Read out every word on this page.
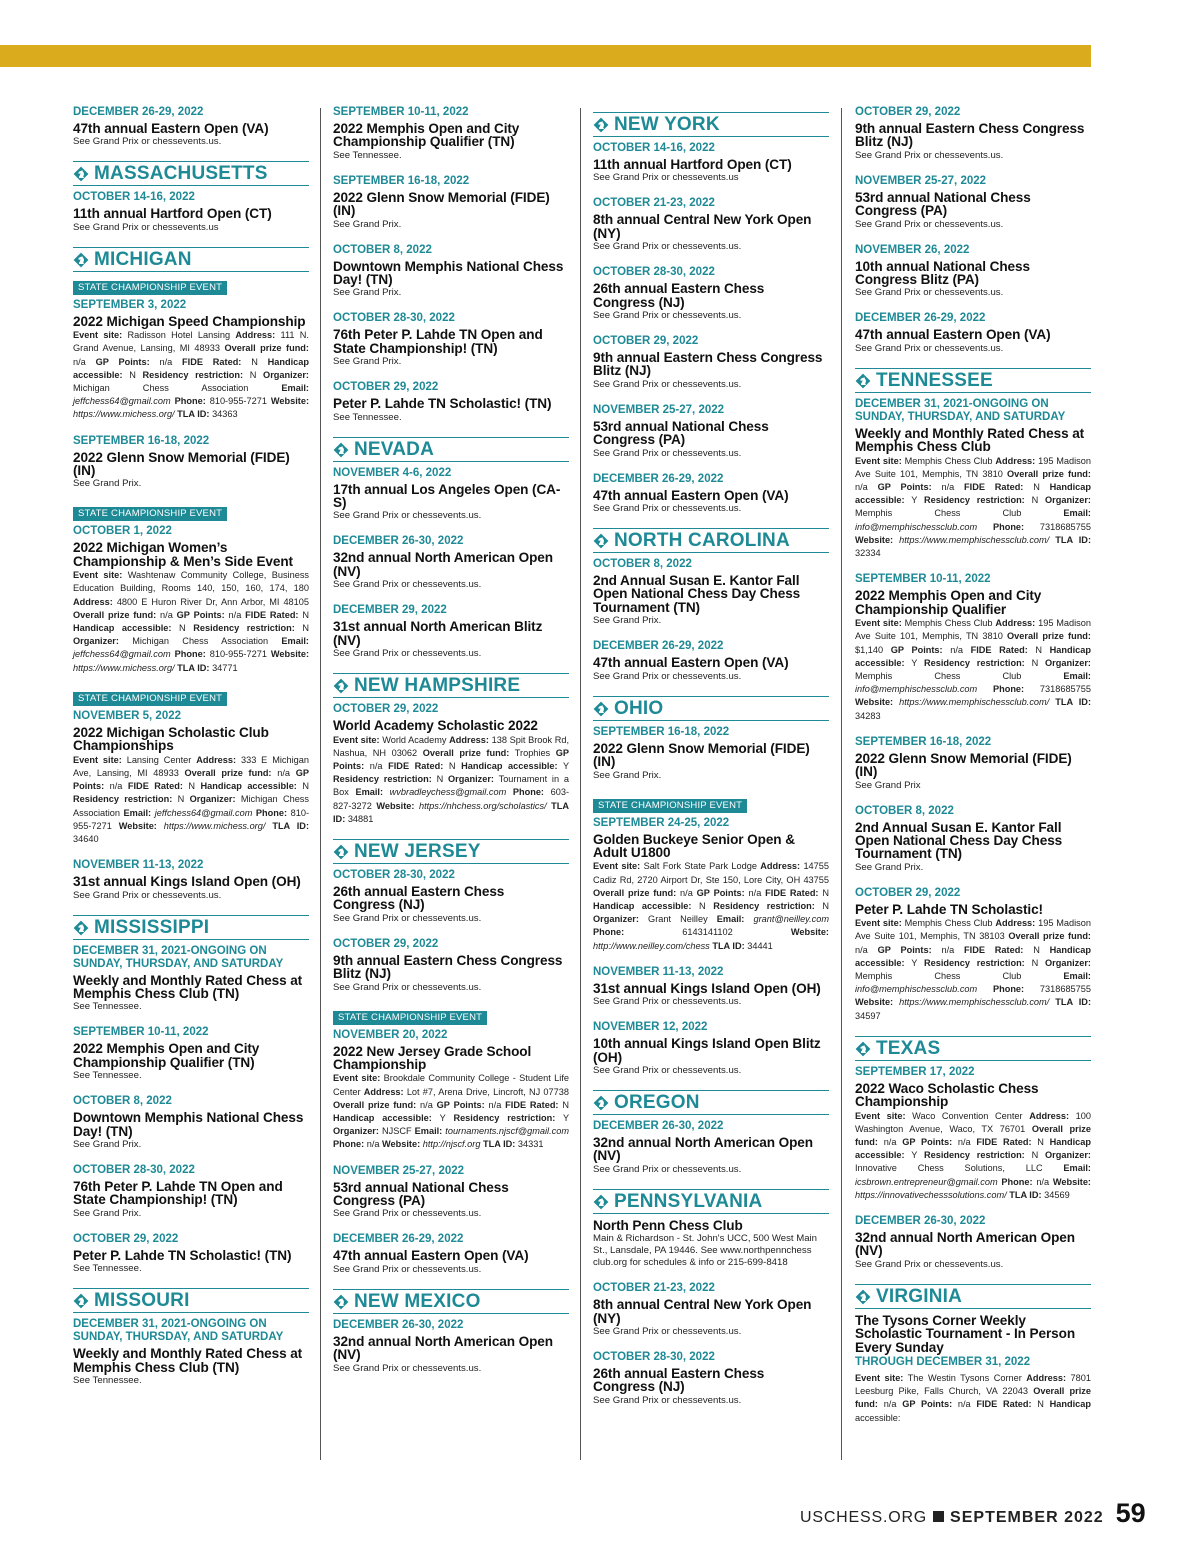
DECEMBER 26-29, 2022
47th annual Eastern Open (VA)
See Grand Prix or chessevents.us.
MASSACHUSETTS
OCTOBER 14-16, 2022
11th annual Hartford Open (CT)
See Grand Prix or chessevents.us
MICHIGAN
STATE CHAMPIONSHIP EVENT
SEPTEMBER 3, 2022
2022 Michigan Speed Championship
Event site: Radisson Hotel Lansing Address: 111 N. Grand Avenue, Lansing, MI 48933 Overall prize fund: n/a GP Points: n/a FIDE Rated: N Handicap accessible: N Residency restriction: N Organizer: Michigan Chess Association	Email: jeffchess64@gmail.com Phone: 810-955-7271 Website: https://www.michess.org/ TLA ID: 34363
SEPTEMBER 16-18, 2022
2022 Glenn Snow Memorial (FIDE) (IN)
See Grand Prix.
STATE CHAMPIONSHIP EVENT
OCTOBER 1, 2022
2022 Michigan Women’s Championship & Men’s Side Event
Event site: Washtenaw Community College, Business Education Building, Rooms 140, 150, 160, 174, 180 Address: 4800 E Huron River Dr, Ann Arbor, MI 48105 Overall prize fund: n/a GP Points: n/a FIDE Rated: N Handicap accessible: N Residency restriction: N Organizer: Michigan Chess Association Email: jeffchess64@gmail.com Phone: 810-955-7271 Website: https://www.michess.org/ TLA ID: 34771
STATE CHAMPIONSHIP EVENT
NOVEMBER 5, 2022
2022 Michigan Scholastic Club Championships
Event site: Lansing Center Address: 333 E Michigan Ave, Lansing, MI 48933 Overall prize fund: n/a GP Points: n/a FIDE Rated: N Handicap accessible: N Residency restriction: N Organizer: Michigan Chess Association Email: jeffchess64@gmail.com Phone: 810-955-7271 Website: https://www.michess.org/ TLA ID: 34640
NOVEMBER 11-13, 2022
31st annual Kings Island Open (OH)
See Grand Prix or chessevents.us.
MISSISSIPPI
DECEMBER 31, 2021-ONGOING ON SUNDAY, THURSDAY, AND SATURDAY
Weekly and Monthly Rated Chess at Memphis Chess Club (TN)
See Tennessee.
SEPTEMBER 10-11, 2022
2022 Memphis Open and City Championship Qualifier (TN)
See Tennessee.
OCTOBER 8, 2022
Downtown Memphis National Chess Day! (TN)
See Grand Prix.
OCTOBER 28-30, 2022
76th Peter P. Lahde TN Open and State Championship! (TN)
See Grand Prix.
OCTOBER 29, 2022
Peter P. Lahde TN Scholastic! (TN)
See Tennessee.
MISSOURI
DECEMBER 31, 2021-ONGOING ON SUNDAY, THURSDAY, AND SATURDAY
Weekly and Monthly Rated Chess at Memphis Chess Club (TN)
See Tennessee.
SEPTEMBER 10-11, 2022
2022 Memphis Open and City Championship Qualifier (TN)
See Tennessee.
SEPTEMBER 16-18, 2022
2022 Glenn Snow Memorial (FIDE) (IN)
See Grand Prix.
OCTOBER 8, 2022
Downtown Memphis National Chess Day! (TN)
See Grand Prix.
OCTOBER 28-30, 2022
76th Peter P. Lahde TN Open and State Championship! (TN)
See Grand Prix.
OCTOBER 29, 2022
Peter P. Lahde TN Scholastic! (TN)
See Tennessee.
NEVADA
NOVEMBER 4-6, 2022
17th annual Los Angeles Open (CA-S)
See Grand Prix or chessevents.us.
DECEMBER 26-30, 2022
32nd annual North American Open (NV)
See Grand Prix or chessevents.us.
DECEMBER 29, 2022
31st annual North American Blitz (NV)
See Grand Prix or chessevents.us.
NEW HAMPSHIRE
OCTOBER 29, 2022
World Academy Scholastic 2022
Event site: World Academy Address: 138 Spit Brook Rd, Nashua, NH 03062 Overall prize fund: Trophies GP Points: n/a FIDE Rated: N Handicap accessible: Y Residency restriction: N Organizer: Tournament in a Box Email: wvbradleychess@gmail.com Phone: 603-827-3272 Website: https://nhchess.org/scholastics/ TLA ID: 34881
NEW JERSEY
OCTOBER 28-30, 2022
26th annual Eastern Chess Congress (NJ)
See Grand Prix or chessevents.us.
OCTOBER 29, 2022
9th annual Eastern Chess Congress Blitz (NJ)
See Grand Prix or chessevents.us.
STATE CHAMPIONSHIP EVENT
NOVEMBER 20, 2022
2022 New Jersey Grade School Championship
Event site: Brookdale Community College - Student Life Center Address: Lot #7, Arena Drive, Lincroft, NJ 07738 Overall prize fund: n/a GP Points: n/a FIDE Rated: N Handicap accessible: Y Residency restriction: Y Organizer: NJSCF Email: tournaments.njscf@gmail.com Phone: n/a Website: http://njscf.org TLA ID: 34331
NOVEMBER 25-27, 2022
53rd annual National Chess Congress (PA)
See Grand Prix or chessevents.us.
DECEMBER 26-29, 2022
47th annual Eastern Open (VA)
See Grand Prix or chessevents.us.
NEW MEXICO
DECEMBER 26-30, 2022
32nd annual North American Open (NV)
See Grand Prix or chessevents.us.
NEW YORK
OCTOBER 14-16, 2022
11th annual Hartford Open (CT)
See Grand Prix or chessevents.us
OCTOBER 21-23, 2022
8th annual Central New York Open (NY)
See Grand Prix or chessevents.us.
OCTOBER 28-30, 2022
26th annual Eastern Chess Congress (NJ)
See Grand Prix or chessevents.us.
OCTOBER 29, 2022
9th annual Eastern Chess Congress Blitz (NJ)
See Grand Prix or chessevents.us.
NOVEMBER 25-27, 2022
53rd annual National Chess Congress (PA)
See Grand Prix or chessevents.us.
DECEMBER 26-29, 2022
47th annual Eastern Open (VA)
See Grand Prix or chessevents.us.
NORTH CAROLINA
OCTOBER 8, 2022
2nd Annual Susan E. Kantor Fall Open National Chess Day Chess Tournament (TN)
See Grand Prix.
DECEMBER 26-29, 2022
47th annual Eastern Open (VA)
See Grand Prix or chessevents.us.
OHIO
SEPTEMBER 16-18, 2022
2022 Glenn Snow Memorial (FIDE) (IN)
See Grand Prix.
STATE CHAMPIONSHIP EVENT
SEPTEMBER 24-25, 2022
Golden Buckeye Senior Open & Adult U1800
Event site: Salt Fork State Park Lodge Address: 14755 Cadiz Rd, 2720 Airport Dr, Ste 150, Lore City, OH 43755 Overall prize fund: n/a GP Points: n/a FIDE Rated: N Handicap accessible: N Residency restriction: N Organizer: Grant Neilley Email: grant@neilley.com Phone:	6143141102	Website: http://www.neilley.com/chess TLA ID: 34441
NOVEMBER 11-13, 2022
31st annual Kings Island Open (OH)
See Grand Prix or chessevents.us.
NOVEMBER 12, 2022
10th annual Kings Island Open Blitz (OH)
See Grand Prix or chessevents.us.
OREGON
DECEMBER 26-30, 2022
32nd annual North American Open (NV)
See Grand Prix or chessevents.us.
PENNSYLVANIA
North Penn Chess Club
Main & Richardson - St. John's UCC, 500 West Main St., Lansdale, PA 19446. See www.northpennchess club.org for schedules & info or 215-699-8418
OCTOBER 21-23, 2022
8th annual Central New York Open (NY)
See Grand Prix or chessevents.us.
OCTOBER 28-30, 2022
26th annual Eastern Chess Congress (NJ)
See Grand Prix or chessevents.us.
OCTOBER 29, 2022
9th annual Eastern Chess Congress Blitz (NJ)
See Grand Prix or chessevents.us.
NOVEMBER 25-27, 2022
53rd annual National Chess Congress (PA)
See Grand Prix or chessevents.us.
NOVEMBER 26, 2022
10th annual National Chess Congress Blitz (PA)
See Grand Prix or chessevents.us.
DECEMBER 26-29, 2022
47th annual Eastern Open (VA)
See Grand Prix or chessevents.us.
TENNESSEE
DECEMBER 31, 2021-ONGOING ON SUNDAY, THURSDAY, AND SATURDAY
Weekly and Monthly Rated Chess at Memphis Chess Club
Event site: Memphis Chess Club Address: 195 Madison Ave Suite 101, Memphis, TN 3810 Overall prize fund: n/a GP Points: n/a FIDE Rated: N Handicap accessible: Y Residency restriction: N Organizer: Memphis Chess Club	Email: info@memphischessclub.com Phone: 7318685755 Website: https://www.memphischessclub.com/ TLA ID: 32334
SEPTEMBER 10-11, 2022
2022 Memphis Open and City Championship Qualifier
Event site: Memphis Chess Club Address: 195 Madison Ave Suite 101, Memphis, TN 3810 Overall prize fund: $1,140 GP Points: n/a FIDE Rated: N Handicap accessible: Y Residency restriction: N Organizer: Memphis Chess Club	Email: info@memphischessclub.com Phone: 7318685755 Website: https://www.memphischessclub.com/ TLA ID: 34283
SEPTEMBER 16-18, 2022
2022 Glenn Snow Memorial (FIDE) (IN)
See Grand Prix
OCTOBER 8, 2022
2nd Annual Susan E. Kantor Fall Open National Chess Day Chess Tournament (TN)
See Grand Prix.
OCTOBER 29, 2022
Peter P. Lahde TN Scholastic!
Event site: Memphis Chess Club Address: 195 Madison Ave Suite 101, Memphis, TN 38103 Overall prize fund: n/a GP Points: n/a FIDE Rated: N Handicap accessible: Y Residency restriction: N Organizer: Memphis Chess Club	Email: info@memphischessclub.com Phone: 7318685755 Website: https://www.memphischessclub.com/ TLA ID: 34597
TEXAS
SEPTEMBER 17, 2022
2022 Waco Scholastic Chess Championship
Event site: Waco Convention Center Address: 100 Washington Avenue, Waco, TX 76701 Overall prize fund: n/a GP Points: n/a FIDE Rated: N Handicap accessible: Y Residency restriction: N Organizer: Innovative Chess Solutions, LLC Email: icsbrown.entrepreneur@gmail.com Phone: n/a Website: https://innovativechesssolutions.com/ TLA ID: 34569
DECEMBER 26-30, 2022
32nd annual North American Open (NV)
See Grand Prix or chessevents.us.
VIRGINIA
The Tysons Corner Weekly Scholastic Tournament - In Person Every Sunday
THROUGH DECEMBER 31, 2022
Event site: The Westin Tysons Corner Address: 7801 Leesburg Pike, Falls Church, VA 22043 Overall prize fund: n/a GP Points: n/a FIDE Rated: N Handicap accessible:
USCHESS.ORG SEPTEMBER 2022 59
